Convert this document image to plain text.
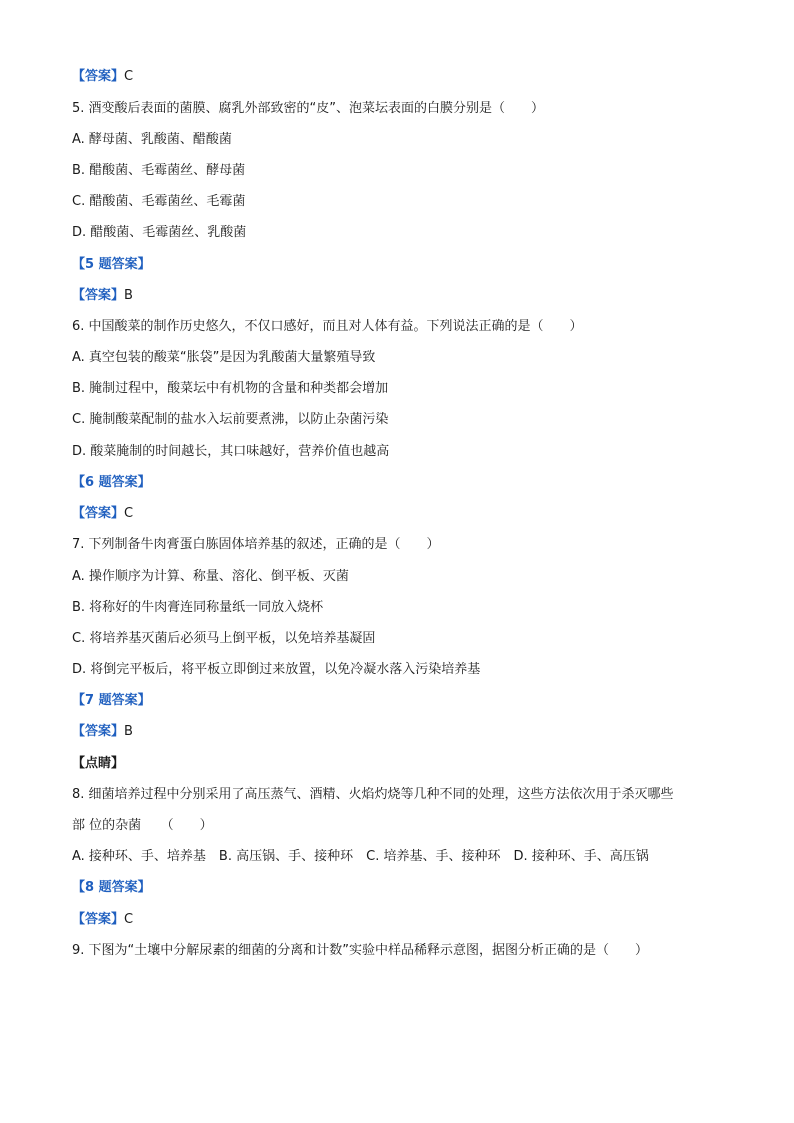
【答案】C
5. 酒变酸后表面的菌膜、腐乳外部致密的“皮”、泡菜坛表面的白膜分别是（　　）
A. 酵母菌、乳酸菌、醋酸菌
B. 醋酸菌、毛霉菌丝、酵母菌
C. 醋酸菌、毛霉菌丝、毛霉菌
D. 醋酸菌、毛霉菌丝、乳酸菌
【5 题答案】
【答案】B
6. 中国酸菜的制作历史悠久，不仅口感好，而且对人体有益。下列说法正确的是（　　）
A. 真空包装的酸菜“胀袋”是因为乳酸菌大量繁殖导致
B. 腌制过程中，酸菜坛中有机物的含量和种类都会增加
C. 腌制酸菜配制的盐水入坛前要煮沸，以防止杂菌污染
D. 酸菜腌制的时间越长，其口味越好，营养价值也越高
【6 题答案】
【答案】C
7. 下列制备牛肉膏蛋白胨固体培养基的叙述，正确的是（　　）
A. 操作顺序为计算、称量、溶化、倒平板、灭菌
B. 将称好的牛肉膏连同称量纸一同放入烧杯
C. 将培养基灭菌后必须马上倒平板，以免培养基凝固
D. 将倒完平板后，将平板立即倒过来放置，以免冷凝水落入污染培养基
【7 题答案】
【答案】B
【点睛】
8. 细菌培养过程中分别采用了高压蒸气、酒精、火焰灼烧等几种不同的处理，这些方法依次用于杀灭哪些
部 位的杂菌　　（　　）
A. 接种环、手、培养基　B. 高压锅、手、接种环　C. 培养基、手、接种环　D. 接种环、手、高压锅
【8 题答案】
【答案】C
9. 下图为“土壤中分解尿素的细菌的分离和计数”实验中样品稀释示意图，据图分析正确的是（　　）
